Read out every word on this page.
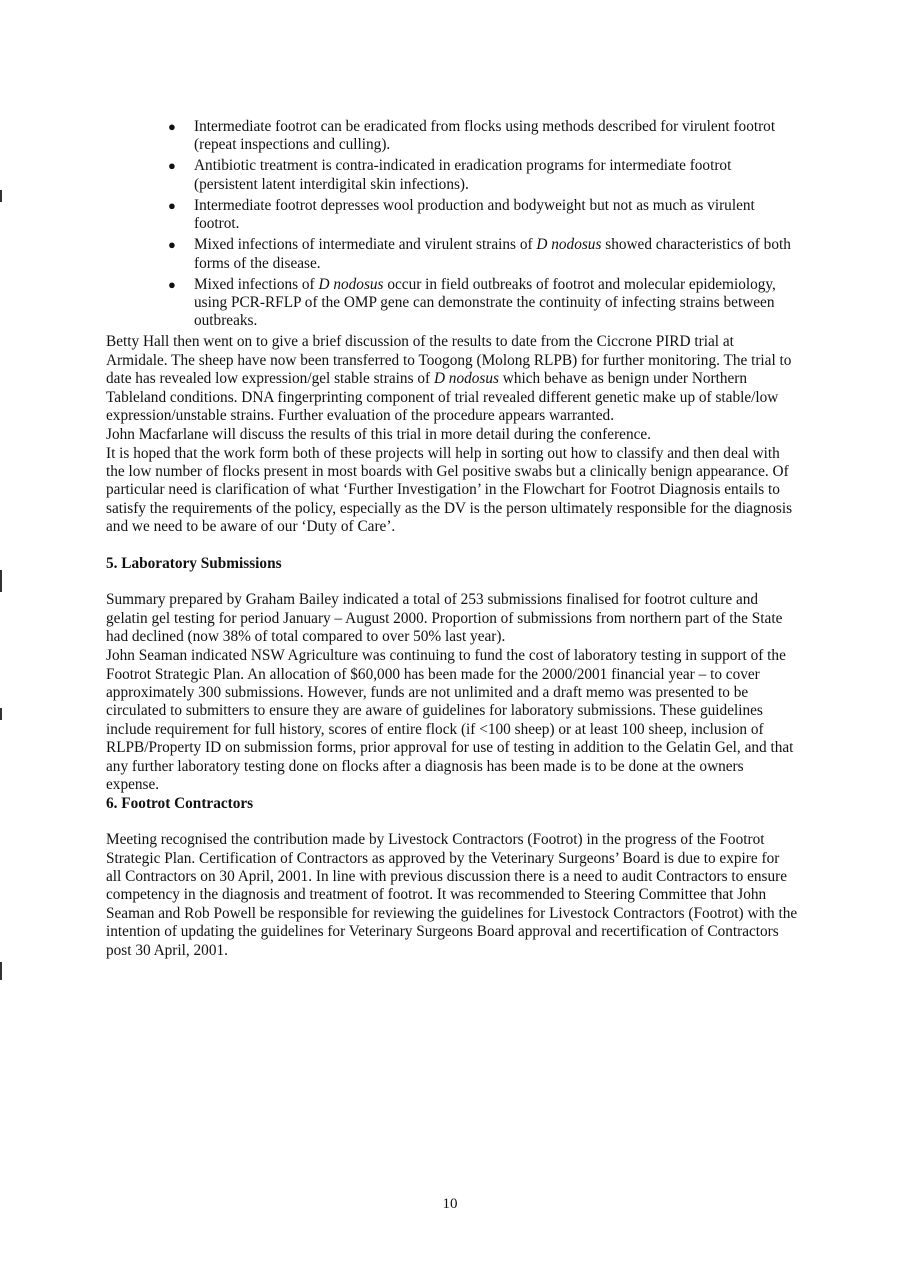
● Intermediate footrot can be eradicated from flocks using methods described for virulent footrot (repeat inspections and culling).
● Antibiotic treatment is contra-indicated in eradication programs for intermediate footrot (persistent latent interdigital skin infections).
● Intermediate footrot depresses wool production and bodyweight but not as much as virulent footrot.
● Mixed infections of intermediate and virulent strains of D nodosus showed characteristics of both forms of the disease.
● Mixed infections of D nodosus occur in field outbreaks of footrot and molecular epidemiology, using PCR-RFLP of the OMP gene can demonstrate the continuity of infecting strains between outbreaks.

Betty Hall then went on to give a brief discussion of the results to date from the Ciccrone PIRD trial at Armidale. The sheep have now been transferred to Toogong (Molong RLPB) for further monitoring. The trial to date has revealed low expression/gel stable strains of D nodosus which behave as benign under Northern Tableland conditions. DNA fingerprinting component of trial revealed different genetic make up of stable/low expression/unstable strains. Further evaluation of the procedure appears warranted.

John Macfarlane will discuss the results of this trial in more detail during the conference.

It is hoped that the work form both of these projects will help in sorting out how to classify and then deal with the low number of flocks present in most boards with Gel positive swabs but a clinically benign appearance. Of particular need is clarification of what ‘Further Investigation’ in the Flowchart for Footrot Diagnosis entails to satisfy the requirements of the policy, especially as the DV is the person ultimately responsible for the diagnosis and we need to be aware of our ‘Duty of Care’.

5. Laboratory Submissions

Summary prepared by Graham Bailey indicated a total of 253 submissions finalised for footrot culture and gelatin gel testing for period January – August 2000. Proportion of submissions from northern part of the State had declined (now 38% of total compared to over 50% last year).

John Seaman indicated NSW Agriculture was continuing to fund the cost of laboratory testing in support of the Footrot Strategic Plan. An allocation of $60,000 has been made for the 2000/2001 financial year – to cover approximately 300 submissions. However, funds are not unlimited and a draft memo was presented to be circulated to submitters to ensure they are aware of guidelines for laboratory submissions. These guidelines include requirement for full history, scores of entire flock (if <100 sheep) or at least 100 sheep, inclusion of RLPB/Property ID on submission forms, prior approval for use of testing in addition to the Gelatin Gel, and that any further laboratory testing done on flocks after a diagnosis has been made is to be done at the owners expense.

6. Footrot Contractors

Meeting recognised the contribution made by Livestock Contractors (Footrot) in the progress of the Footrot Strategic Plan. Certification of Contractors as approved by the Veterinary Surgeons’ Board is due to expire for all Contractors on 30 April, 2001. In line with previous discussion there is a need to audit Contractors to ensure competency in the diagnosis and treatment of footrot. It was recommended to Steering Committee that John Seaman and Rob Powell be responsible for reviewing the guidelines for Livestock Contractors (Footrot) with the intention of updating the guidelines for Veterinary Surgeons Board approval and recertification of Contractors post 30 April, 2001.

10
